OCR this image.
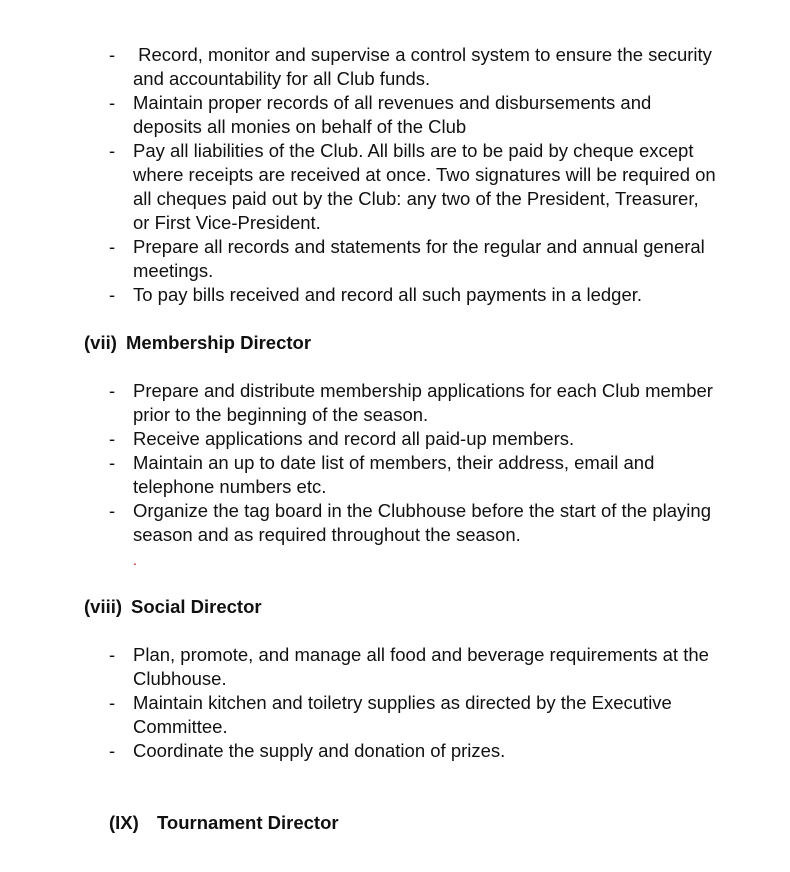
- Record, monitor and supervise a control system to ensure the security and accountability for all Club funds.
- Maintain proper records of all revenues and disbursements and deposits all monies on behalf of the Club
- Pay all liabilities of the Club. All bills are to be paid by cheque except where receipts are received at once. Two signatures will be required on all cheques paid out by the Club: any two of the President, Treasurer, or First Vice-President.
- Prepare all records and statements for the regular and annual general meetings.
- To pay bills received and record all such payments in a ledger.
(vii) Membership Director
- Prepare and distribute membership applications for each Club member prior to the beginning of the season.
- Receive applications and record all paid-up members.
- Maintain an up to date list of members, their address, email and telephone numbers etc.
- Organize the tag board in the Clubhouse before the start of the playing season and as required throughout the season.
.
(viii) Social Director
- Plan, promote, and manage all food and beverage requirements at the Clubhouse.
- Maintain kitchen and toiletry supplies as directed by the Executive Committee.
- Coordinate the supply and donation of prizes.
(IX) Tournament Director
